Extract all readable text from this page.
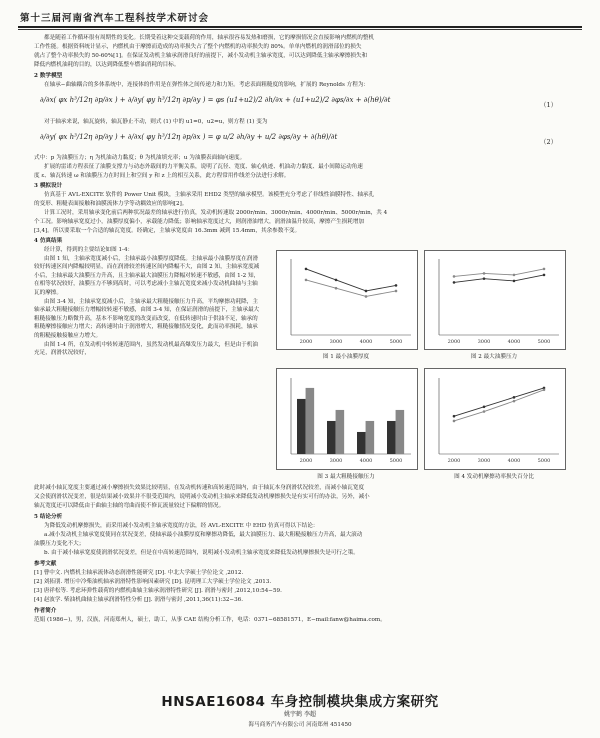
第十三届河南省汽车工程科技学术研讨会
都是随着工作循环很有周期性的变化。长期受着这种交变载荷的作用，轴承很容易发热和磨损，它的摩损情况会直接影响内燃机的整机
工作性能。根据资料统计显示，内燃机由于摩擦而造成的功率损失占了整个内燃机的功率损失的 80%。单单内燃机的润滑部位的损失
就占了整个功率损失的 50-60%[1]。在保证发动机主轴承润滑良好的前提下，减小发动机主轴承宽度，可以达到降低主轴承摩擦损失和
降低内燃机油耗的目的，以达到降低整车燃油消耗的目标。
2 数学模型
在轴承−曲轴耦合的多体系统中，连接体的作用是在弹性体之间传递力和力矩。考虑表面粗糙度的影响，扩展的 Reynolds 方程为：
∂/∂x( φx h³/12η ∂p/∂x ) + ∂/∂y( φy h³/12η ∂p/∂y ) = φs (u1+u2)/2 ∂h/∂x + (u1+u2)/2 ∂φs/∂x + ∂(hθ)/∂t
（1）
对于轴承来说，轴瓦旋转，轴瓦静止不动，则式 (1) 中的 u1=0，u2=u，则方程 (1) 变为
∂/∂y( φx h³/12η ∂p/∂y ) + ∂/∂x( φy h³/12η ∂p/∂x ) = φ u/2 ∂h/∂y + u/2 ∂φs/∂y + ∂(hθ)/∂t
（2）
式中：p 为油膜压力；η 为机油动力黏度；θ 为机油填充率；u 为油膜表面轴向速度。
扩展的雷诺方程表征了油膜支撑力与动态外载间的力平衡关系，说明了瓦径、宽度、轴心轨迹、机油动力黏度、最小间隙运动角速
度 ɛ、轴瓦转速 ω 和油膜压力在时间上和空间 y 和 z 上的相互关系，此方程常用作线差分法进行求解。
3 模拟设计
仿真基于 AVL-EXCITE 软件的 Power Unit 模块，主轴承采用 EHD2 类型的轴承模型。该模型充分考虑了非线性油膜特性、轴承孔
的变形、粗糙表面接触和油膜流体力学等动耦效应的影响[2]。
计算工况时，采用轴承变化前后两种状况最差的轴承进行仿真，发动机转速取 2000r/min、3000r/min、4000r/min、5000r/min，共 4
个工况。影响轴承宽度过小，油膜厚度偏小，承载能力降低；影响轴承宽度过大，则润滑油增大，润滑油温升较高，摩擦产生损耗增加
[3,4]。所以要采取一个合适的轴瓦宽度。经确定，主轴承宽度由 16.3mm 减到 15.4mm，其余参数不变。
4 仿真结果
经计算，得到的主要结论如图 1-4：
由图 1 知，主轴承宽度减小后，主轴承最小油膜厚度降低。主轴承最小油膜厚度在润滑较好转速区间内降幅较明显，而在润滑较差转速区间内降幅不大，由图 2 知，主轴承宽度减小后，主轴承最大油膜压力升高，且主轴承最大油膜压力降幅对转速不敏感，由图 1-2 知，在相等状况较好，油膜压力不够到高时，可以考虑减小主轴瓦宽度来减小发动机曲轴与主轴瓦的摩擦。
由图 3-4 知，主轴承宽度减小后，主轴承最大粗糙接触压力升高，平均摩擦功耗降，主轴承最大粗糙接触压力增幅较转速不敏感，由图 3-4 知，在保证润滑的前提下，主轴承最大粗糙接触压力略微升高，基本不影响宽度的改变而改变，在低转速时由于供油不足，轴承的粗糙摩擦接触应力增大；高转速时由于润滑增大，粗糙接触情况变化，此而功率损耗，轴承的粗糙接触接触应力增大。
由图 1-4 所，在发动机中转转速范围内，虽然发动机最高爆发压力最大，但是由于机油充足，润滑状况较好，
2000	3000	4000	5000
图 1 最小油膜厚度
2000	3000	4000	5000
图 2 最大油膜压力
2000	3000	4000	5000
图 3 最大粗糙接触压力
2000	3000	4000	5000
图 4 发动机摩擦功率损失百分比
此时减小轴瓦宽度主要通过减小摩擦损失效果比较明显，在发动机转速和高转速范围内，由于轴瓦本身润滑状况较差，而减小轴瓦宽度
又会使润滑状况变差，很是结果减小效果并不很受范围内，说明减小发动机主轴承来降低发动机摩擦损失是有实可行的办法，另外，减小
轴瓦宽度还可以降低由于曲轴主轴的弯曲而使不修瓦流量较过下偏解的情况。
5 结论分析
为降低发动机摩擦损失，而采用减小发动机主轴承宽度的方法，经 AVL-EXCITE 中 EHD 仿真可得以下结论：
a.减小发动机主轴承宽度使同在状况变差，使轴承最小油膜厚度和摩擦功降低，最大油膜压力、最大粗糙接触压力升高，最大滚动
油膜压力变化不大；
b. 由于减小轴承宽度使润滑状况变差，但是在中高转速范围内，说明减小发动机主轴承宽度来降低发动机摩擦损失是可行之策。
参考文献
[1] 曹中文. 内燃机主轴承流体动态润滑性能研究 [D]. 中北大学硕士学位论文 ,2012.
[2] 刘拓朋. 增压中冷柴油机轴承润滑特性影响因素研究 [D]. 昆明理工大学硕士学位论文 ,2013.
[3] 唐祥松等. 考虑环弹性载荷的内燃机曲轴主轴承润滑特性研究 [J]. 润滑与密封 ,2012,10:54−59.
[4] 赵波学. 柴油机曲轴主轴承润滑特性分析 [J]. 润滑与密封 ,2011,36(11):32−36.
作者简介
范娟 (1986−)，男，汉族，河南郑州人，硕士，助工，从事 CAE 结构分析工作，电话：0371−68581571，E−mail:fanw@haima.com。
HNSAE16084 车身控制模块集成方案研究
姚宇鹤 李超
海马商务汽车有限公司 河南郑州 451450
